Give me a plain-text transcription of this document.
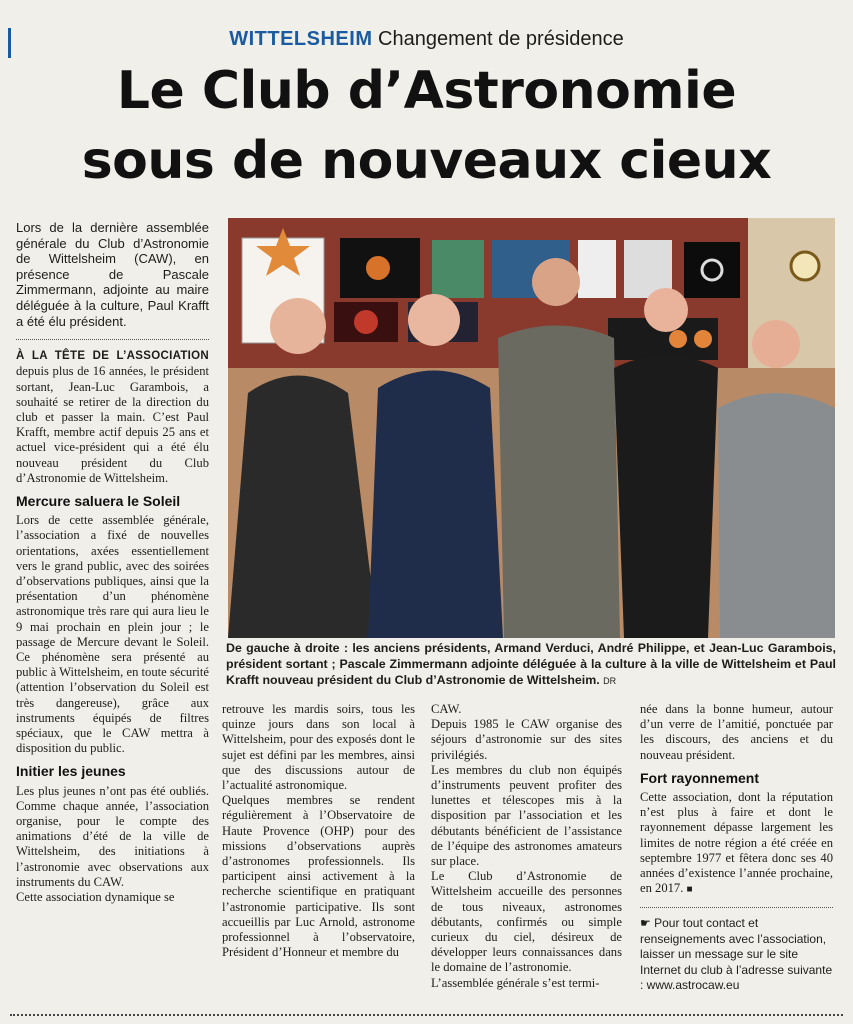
WITTELSHEIM Changement de présidence
Le Club d’Astronomie
sous de nouveaux cieux

Lors de la dernière assemblée générale du Club d’Astronomie de Wittelsheim (CAW), en présence de Pascale Zimmermann, adjointe au maire déléguée à la culture, Paul Krafft a été élu président.

À LA TÊTE DE L’ASSOCIATION depuis plus de 16 années, le président sortant, Jean-Luc Garambois, a souhaité se retirer de la direction du club et passer la main. C’est Paul Krafft, membre actif depuis 25 ans et actuel vice-président qui a été élu nouveau président du Club d’Astronomie de Wittelsheim.

Mercure saluera le Soleil

Lors de cette assemblée générale, l’association a fixé de nouvelles orientations, axées essentiellement vers le grand public, avec des soirées d’observations publiques, ainsi que la présentation d’un phénomène astronomique très rare qui aura lieu le 9 mai prochain en plein jour ; le passage de Mercure devant le Soleil. Ce phénomène sera présenté au public à Wittelsheim, en toute sécurité (attention l’observation du Soleil est très dangereuse), grâce aux instruments équipés de filtres spéciaux, que le CAW mettra à disposition du public.

Initier les jeunes

Les plus jeunes n’ont pas été oubliés. Comme chaque année, l’association organise, pour le compte des animations d’été de la ville de Wittelsheim, des initiations à l’astronomie avec observations aux instruments du CAW.

Cette association dynamique se

De gauche à droite : les anciens présidents, Armand Verduci, André Philippe, et Jean-Luc Garambois, président sortant ; Pascale Zimmermann adjointe déléguée à la culture à la ville de Wittelsheim et Paul Krafft nouveau président du Club d’Astronomie de Wittelsheim. DR

retrouve les mardis soirs, tous les quinze jours dans son local à Wittelsheim, pour des exposés dont le sujet est défini par les membres, ainsi que des discussions autour de l’actualité astronomique.

Quelques membres se rendent régulièrement à l’Observatoire de Haute Provence (OHP) pour des missions d’observations auprès d’astronomes professionnels. Ils participent ainsi activement à la recherche scientifique en pratiquant l’astronomie participative. Ils sont accueillis par Luc Arnold, astronome professionnel à l’observatoire, Président d’Honneur et membre du

CAW.

Depuis 1985 le CAW organise des séjours d’astronomie sur des sites privilégiés.

Les membres du club non équipés d’instruments peuvent profiter des lunettes et télescopes mis à la disposition par l’association et les débutants bénéficient de l’assistance de l’équipe des astronomes amateurs sur place.

Le Club d’Astronomie de Wittelsheim accueille des personnes de tous niveaux, astronomes débutants, confirmés ou simple curieux du ciel, désireux de développer leurs connaissances dans le domaine de l’astronomie.

L’assemblée générale s’est termi-

née dans la bonne humeur, autour d’un verre de l’amitié, ponctuée par les discours, des anciens et du nouveau président.

Fort rayonnement

Cette association, dont la réputation n’est plus à faire et dont le rayonnement dépasse largement les limites de notre région a été créée en septembre 1977 et fêtera donc ses 40 années d’existence l’année prochaine, en 2017. ■

☛ Pour tout contact et renseignements avec l’association, laisser un message sur le site Internet du club à l’adresse suivante : www.astrocaw.eu
